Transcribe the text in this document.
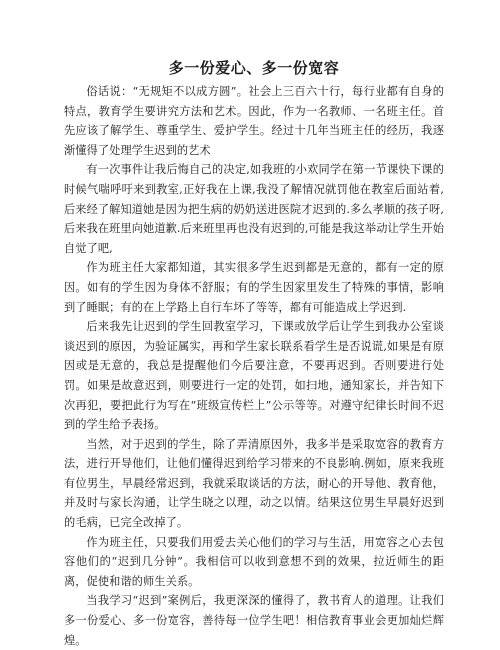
多一份爱心、多一份宽容

俗话说：“无规矩不以成方圆”。社会上三百六十行，每行业都有自身的特点，教育学生要讲究方法和艺术。因此，作为一名教师、一名班主任。首先应该了解学生、尊重学生、爱护学生。经过十几年当班主任的经历，我逐渐懂得了处理学生迟到的艺术

有一次事件让我后悔自己的决定,如我班的小欢同学在第一节课快下课的时候气喘呼吁来到教室,正好我在上课,我没了解情况就罚他在教室后面站着,后来经了解知道她是因为把生病的奶奶送进医院才迟到的.多么孝顺的孩子呀,后来我在班里向她道歉.后来班里再也没有迟到的,可能是我这举动让学生开始自觉了吧,

作为班主任大家都知道，其实很多学生迟到都是无意的，都有一定的原因。如有的学生因为身体不舒服；有的学生因家里发生了特殊的事情，影响到了睡眠；有的在上学路上自行车坏了等等，都有可能造成上学迟到.

后来我先让迟到的学生回教室学习，下课或放学后让学生到我办公室谈谈迟到的原因，为验证属实，再和学生家长联系看学生是否说谎,如果是有原因或是无意的，我总是提醒他们今后要注意，不要再迟到。否则要进行处罚。如果是故意迟到，则要进行一定的处罚，如扫地，通知家长，并告知下次再犯，要把此行为写在“班级宣传栏上”公示等等。对遵守纪律长时间不迟到的学生给予表扬。

当然，对于迟到的学生，除了弄清原因外，我多半是采取宽容的教育方法，进行开导他们，让他们懂得迟到给学习带来的不良影响.例如，原来我班有位男生，早晨经常迟到，我就采取谈话的方法，耐心的开导他、教育他，并及时与家长沟通，让学生晓之以理，动之以情。结果这位男生早晨好迟到的毛病，已完全改掉了。

作为班主任，只要我们用爱去关心他们的学习与生活，用宽容之心去包容他们的“迟到几分钟”。我相信可以收到意想不到的效果，拉近师生的距离，促使和谐的师生关系。

当我学习“迟到”案例后，我更深深的懂得了，教书育人的道理。让我们多一份爱心、多一份宽容，善待每一位学生吧！相信教育事业会更加灿烂辉煌。
